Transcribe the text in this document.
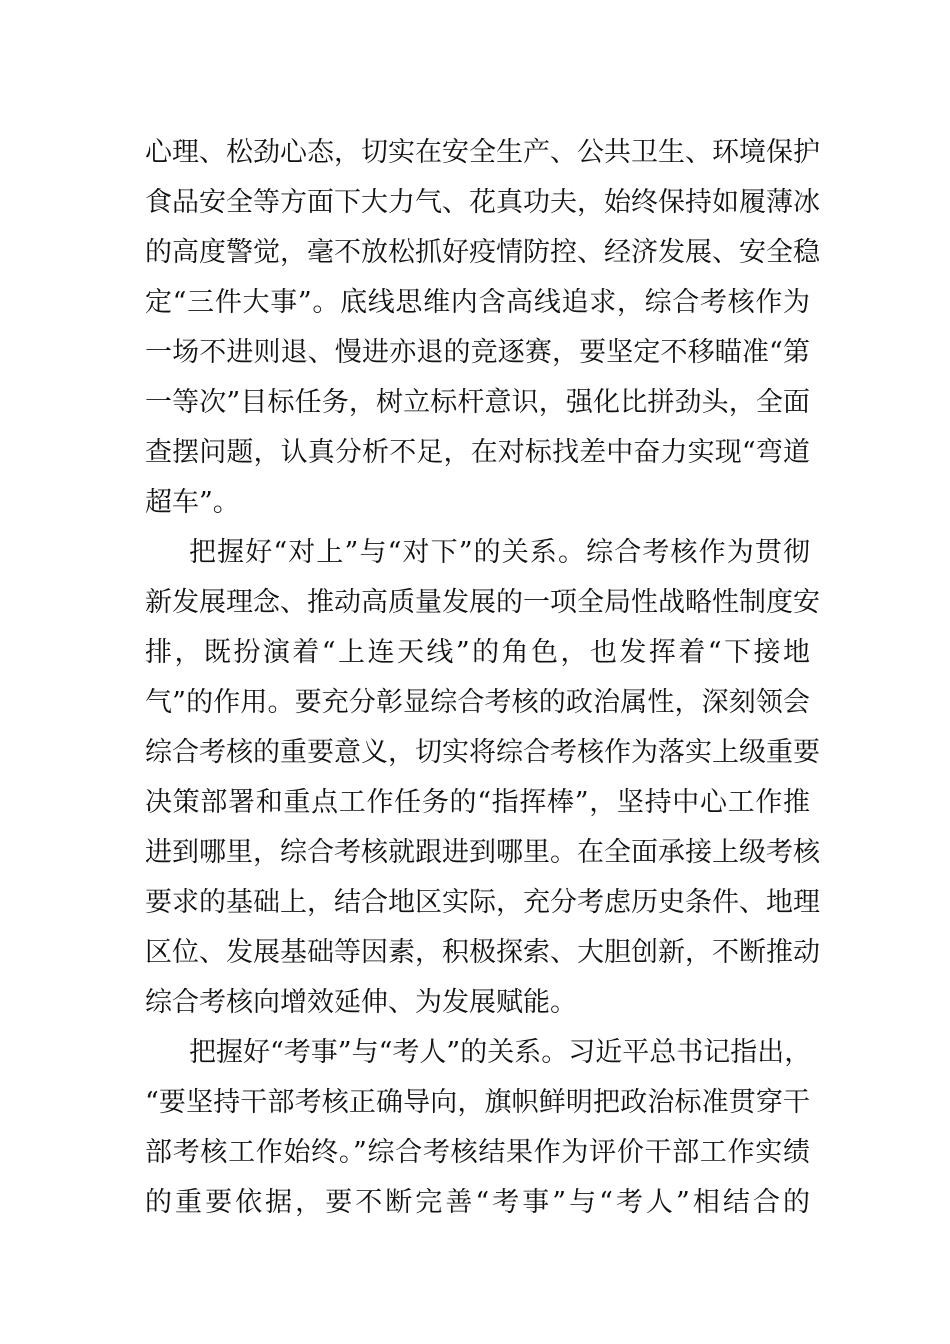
心理、松劲心态，切实在安全生产、公共卫生、环境保护
食品安全等方面下大力气、花真功夫，始终保持如履薄冰
的高度警觉，毫不放松抓好疫情防控、经济发展、安全稳
定“三件大事”。底线思维内含高线追求，综合考核作为
一场不进则退、慢进亦退的竞逐赛，要坚定不移瞄准“第
一等次”目标任务，树立标杆意识，强化比拼劲头，全面
查摆问题，认真分析不足，在对标找差中奋力实现“弯道
超车”。
把握好“对上”与“对下”的关系。综合考核作为贯彻
新发展理念、推动高质量发展的一项全局性战略性制度安
排，既扮演着“上连天线”的角色，也发挥着“下接地
气”的作用。要充分彰显综合考核的政治属性，深刻领会
综合考核的重要意义，切实将综合考核作为落实上级重要
决策部署和重点工作任务的“指挥棒”，坚持中心工作推
进到哪里，综合考核就跟进到哪里。在全面承接上级考核
要求的基础上，结合地区实际，充分考虑历史条件、地理
区位、发展基础等因素，积极探索、大胆创新，不断推动
综合考核向增效延伸、为发展赋能。
把握好“考事”与“考人”的关系。习近平总书记指出，
“要坚持干部考核正确导向，旗帜鲜明把政治标准贯穿干
部考核工作始终。”综合考核结果作为评价干部工作实绩
的重要依据，要不断完善“考事”与“考人”相结合的
